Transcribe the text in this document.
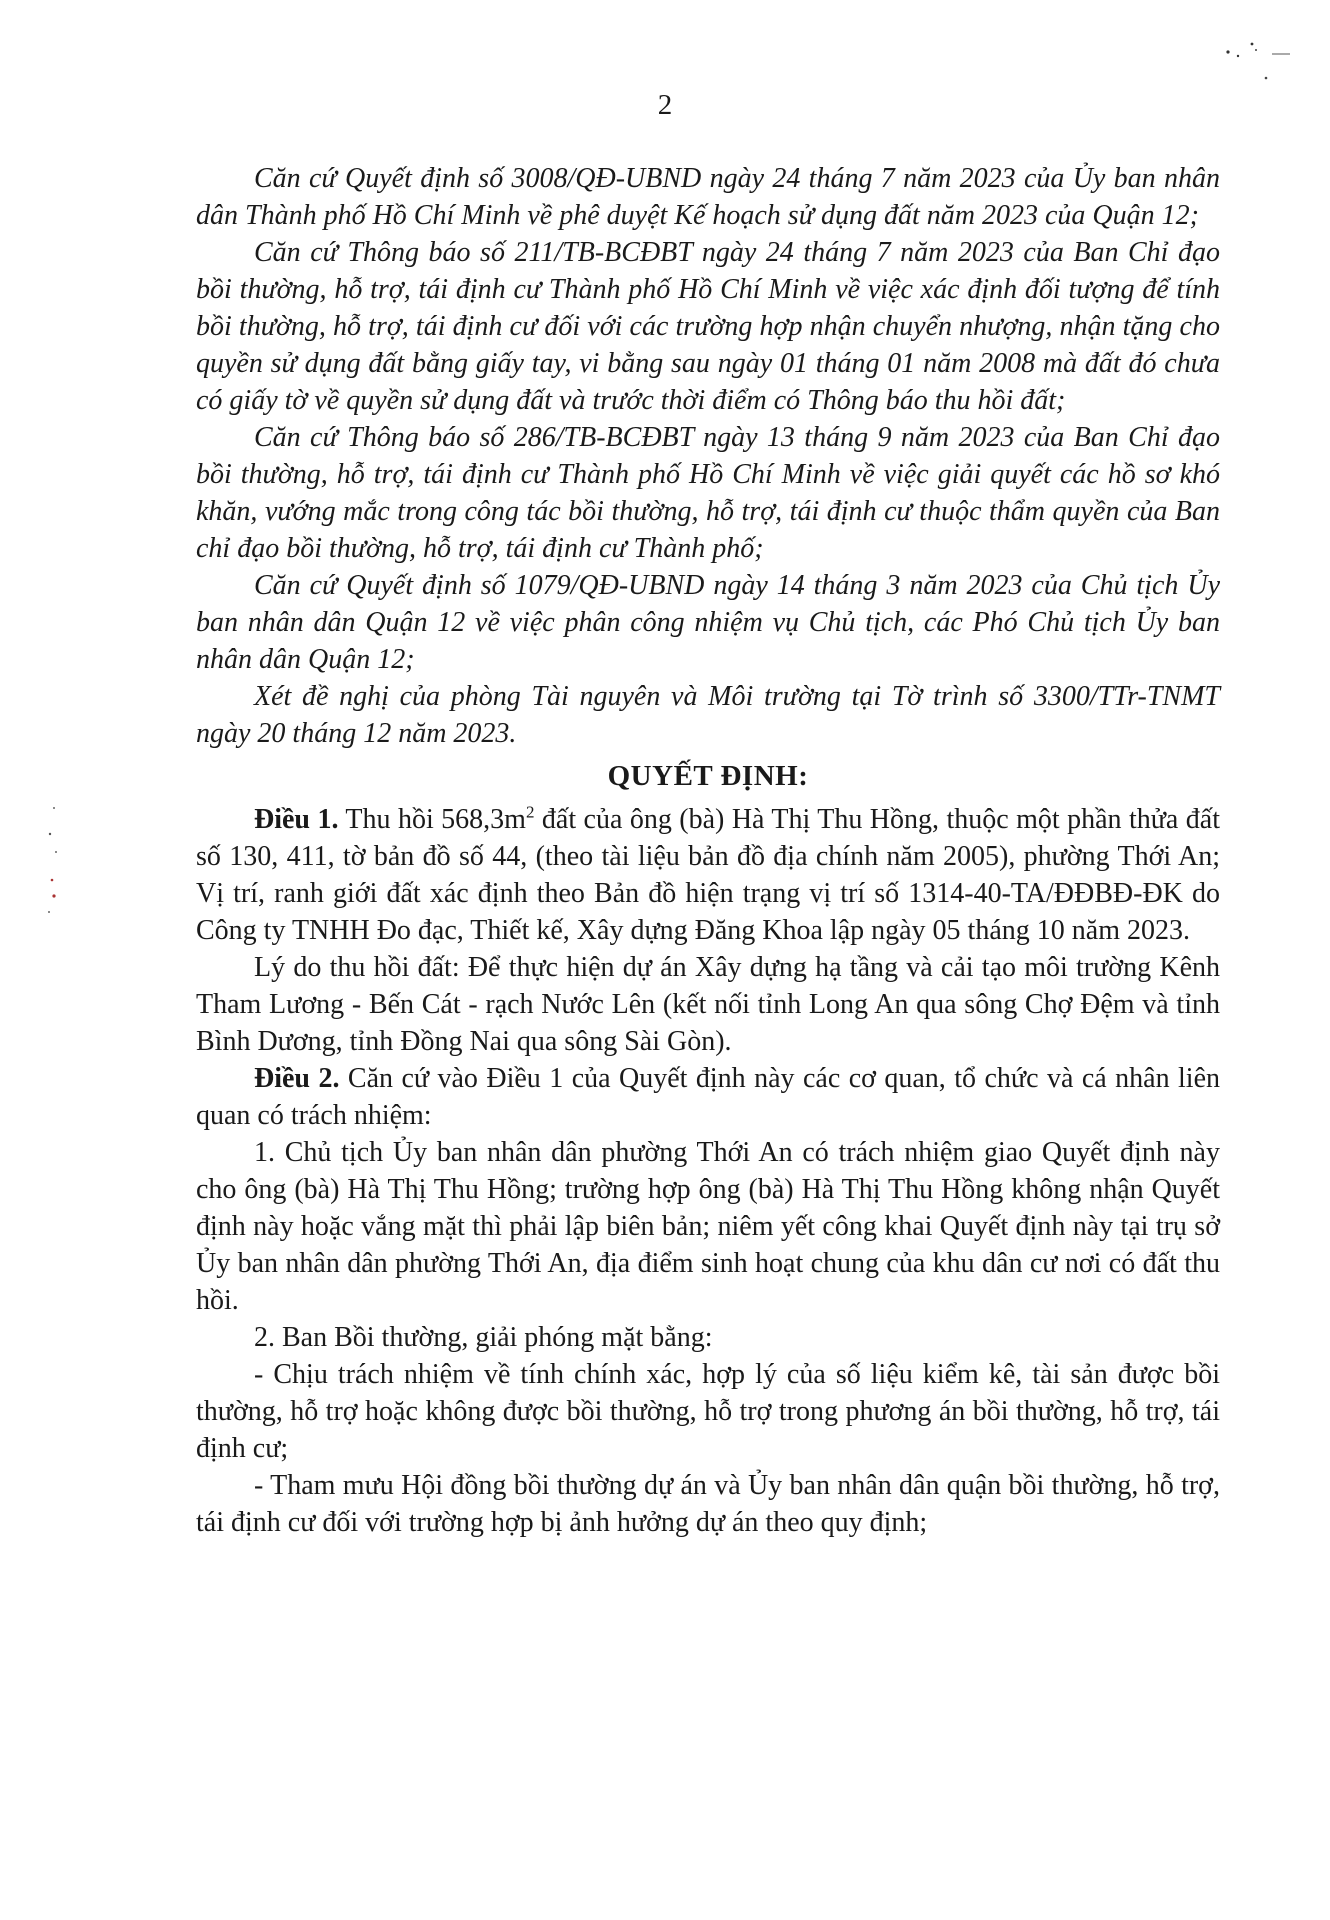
2

Căn cứ Quyết định số 3008/QĐ-UBND ngày 24 tháng 7 năm 2023 của Ủy ban nhân dân Thành phố Hồ Chí Minh về phê duyệt Kế hoạch sử dụng đất năm 2023 của Quận 12;

Căn cứ Thông báo số 211/TB-BCĐBT ngày 24 tháng 7 năm 2023 của Ban Chỉ đạo bồi thường, hỗ trợ, tái định cư Thành phố Hồ Chí Minh về việc xác định đối tượng để tính bồi thường, hỗ trợ, tái định cư đối với các trường hợp nhận chuyển nhượng, nhận tặng cho quyền sử dụng đất bằng giấy tay, vi bằng sau ngày 01 tháng 01 năm 2008 mà đất đó chưa có giấy tờ về quyền sử dụng đất và trước thời điểm có Thông báo thu hồi đất;

Căn cứ Thông báo số 286/TB-BCĐBT ngày 13 tháng 9 năm 2023 của Ban Chỉ đạo bồi thường, hỗ trợ, tái định cư Thành phố Hồ Chí Minh về việc giải quyết các hồ sơ khó khăn, vướng mắc trong công tác bồi thường, hỗ trợ, tái định cư thuộc thẩm quyền của Ban chỉ đạo bồi thường, hỗ trợ, tái định cư Thành phố;

Căn cứ Quyết định số 1079/QĐ-UBND ngày 14 tháng 3 năm 2023 của Chủ tịch Ủy ban nhân dân Quận 12 về việc phân công nhiệm vụ Chủ tịch, các Phó Chủ tịch Ủy ban nhân dân Quận 12;

Xét đề nghị của phòng Tài nguyên và Môi trường tại Tờ trình số 3300/TTr-TNMT ngày 20 tháng 12 năm 2023.

QUYẾT ĐỊNH:

Điều 1. Thu hồi $568,3m^2$ đất của ông (bà) Hà Thị Thu Hồng, thuộc một phần thửa đất số 130, 411, tờ bản đồ số 44, (theo tài liệu bản đồ địa chính năm 2005), phường Thới An; Vị trí, ranh giới đất xác định theo Bản đồ hiện trạng vị trí số 1314-40-TA/ĐĐBĐ-ĐK do Công ty TNHH Đo đạc, Thiết kế, Xây dựng Đăng Khoa lập ngày 05 tháng 10 năm 2023.

Lý do thu hồi đất: Để thực hiện dự án Xây dựng hạ tầng và cải tạo môi trường Kênh Tham Lương - Bến Cát - rạch Nước Lên (kết nối tỉnh Long An qua sông Chợ Đệm và tỉnh Bình Dương, tỉnh Đồng Nai qua sông Sài Gòn).

Điều 2. Căn cứ vào Điều 1 của Quyết định này các cơ quan, tổ chức và cá nhân liên quan có trách nhiệm:

1. Chủ tịch Ủy ban nhân dân phường Thới An có trách nhiệm giao Quyết định này cho ông (bà) Hà Thị Thu Hồng; trường hợp ông (bà) Hà Thị Thu Hồng không nhận Quyết định này hoặc vắng mặt thì phải lập biên bản; niêm yết công khai Quyết định này tại trụ sở Ủy ban nhân dân phường Thới An, địa điểm sinh hoạt chung của khu dân cư nơi có đất thu hồi.

2. Ban Bồi thường, giải phóng mặt bằng:

- Chịu trách nhiệm về tính chính xác, hợp lý của số liệu kiểm kê, tài sản được bồi thường, hỗ trợ hoặc không được bồi thường, hỗ trợ trong phương án bồi thường, hỗ trợ, tái định cư;

- Tham mưu Hội đồng bồi thường dự án và Ủy ban nhân dân quận bồi thường, hỗ trợ, tái định cư đối với trường hợp bị ảnh hưởng dự án theo quy định;
